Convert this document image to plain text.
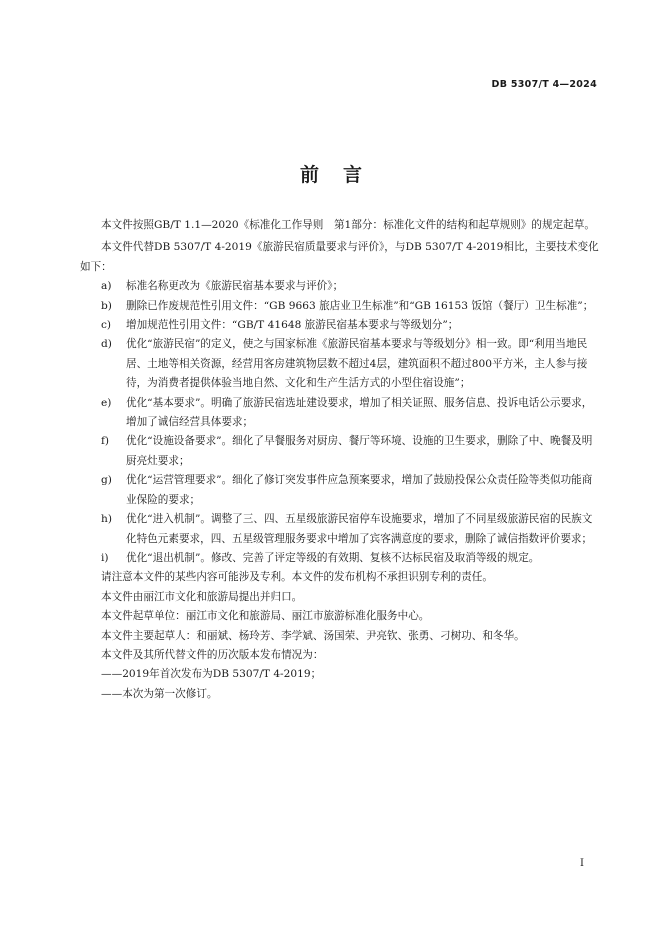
DB 5307/T 4—2024
前言

本文件按照GB/T 1.1—2020《标准化工作导则　第1部分：标准化文件的结构和起草规则》的规定起草。

本文件代替DB 5307/T 4-2019《旅游民宿质量要求与评价》，与DB 5307/T 4-2019相比，主要技术变化如下：

a)	标准名称更改为《旅游民宿基本要求与评价》；
b)	删除已作废规范性引用文件：“GB 9663 旅店业卫生标准”和“GB 16153 饭馆（餐厅）卫生标准”；
c)	增加规范性引用文件：“GB/T 41648 旅游民宿基本要求与等级划分”；
d)	优化“旅游民宿”的定义，使之与国家标准《旅游民宿基本要求与等级划分》相一致。即“利用当地民居、土地等相关资源，经营用客房建筑物层数不超过4层，建筑面积不超过800平方米，主人参与接待，为消费者提供体验当地自然、文化和生产生活方式的小型住宿设施”；
e)	优化“基本要求”。明确了旅游民宿选址建设要求，增加了相关证照、服务信息、投诉电话公示要求，增加了诚信经营具体要求；
f)	优化“设施设备要求”。细化了早餐服务对厨房、餐厅等环境、设施的卫生要求，删除了中、晚餐及明厨亮灶要求；
g)	优化“运营管理要求”。细化了修订突发事件应急预案要求，增加了鼓励投保公众责任险等类似功能商业保险的要求；
h)	优化“进入机制”。调整了三、四、五星级旅游民宿停车设施要求，增加了不同星级旅游民宿的民族文化特色元素要求，四、五星级管理服务要求中增加了宾客满意度的要求，删除了诚信指数评价要求；
i)	优化“退出机制”。修改、完善了评定等级的有效期、复核不达标民宿及取消等级的规定。

请注意本文件的某些内容可能涉及专利。本文件的发布机构不承担识别专利的责任。

本文件由丽江市文化和旅游局提出并归口。

本文件起草单位：丽江市文化和旅游局、丽江市旅游标准化服务中心。

本文件主要起草人：和丽斌、杨玲芳、李学斌、汤国荣、尹亮钦、张勇、刁树功、和冬华。

本文件及其所代替文件的历次版本发布情况为：

——2019年首次发布为DB 5307/T 4-2019；

——本次为第一次修订。

I
